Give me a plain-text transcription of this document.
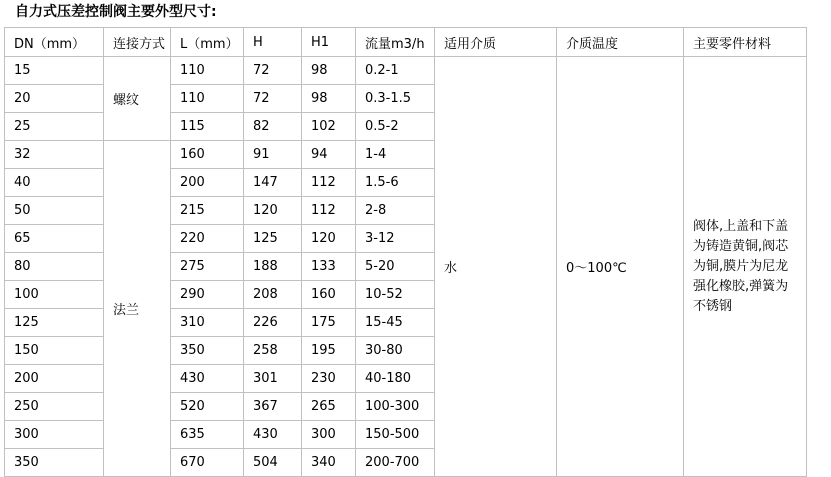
自力式压差控制阀主要外型尺寸:
DN（mm）	连接方式	L（mm）	H	H1	流量m3/h	适用介质	介质温度	主要零件材料
15	螺纹	110	72	98	0.2-1	水	0～100℃	阀体,上盖和下盖为铸造黄铜,阀芯为铜,膜片为尼龙强化橡胶,弹簧为不锈钢
20		110	72	98	0.3-1.5			
25		115	82	102	0.5-2			
32	法兰	160	91	94	1-4			
40		200	147	112	1.5-6			
50		215	120	112	2-8			
65		220	125	120	3-12			
80		275	188	133	5-20			
100		290	208	160	10-52			
125		310	226	175	15-45			
150		350	258	195	30-80			
200		430	301	230	40-180			
250		520	367	265	100-300			
300		635	430	300	150-500			
350		670	504	340	200-700			
